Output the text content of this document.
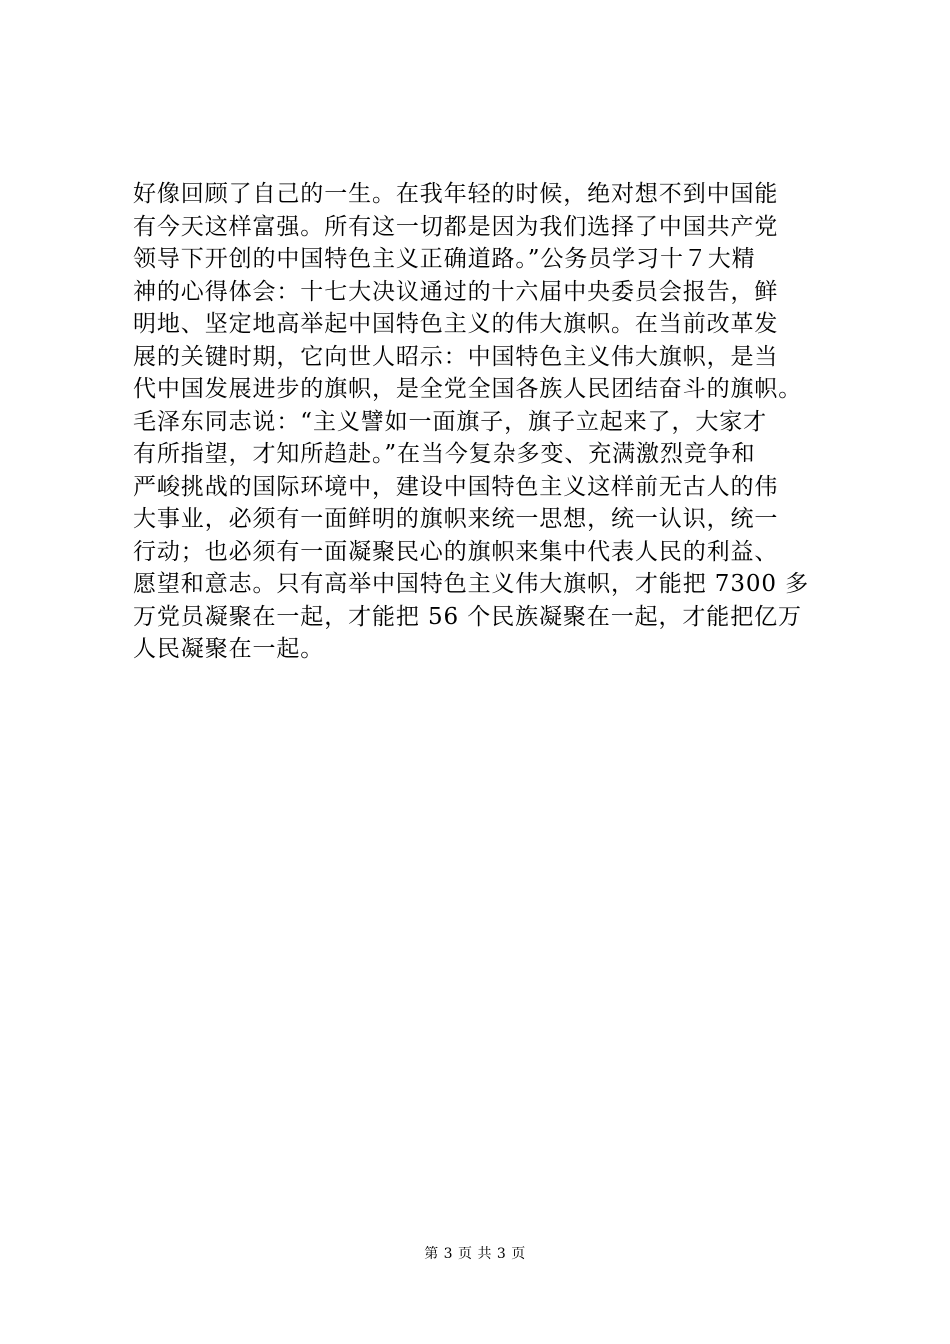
好像回顾了自己的一生。在我年轻的时候，绝对想不到中国能
有今天这样富强。所有这一切都是因为我们选择了中国共产党
领导下开创的中国特色主义正确道路。”公务员学习十７大精
神的心得体会：十七大决议通过的十六届中央委员会报告，鲜
明地、坚定地高举起中国特色主义的伟大旗帜。在当前改革发
展的关键时期，它向世人昭示：中国特色主义伟大旗帜，是当
代中国发展进步的旗帜，是全党全国各族人民团结奋斗的旗帜。
毛泽东同志说：“主义譬如一面旗子，旗子立起来了，大家才
有所指望，才知所趋赴。”在当今复杂多变、充满激烈竞争和
严峻挑战的国际环境中，建设中国特色主义这样前无古人的伟
大事业，必须有一面鲜明的旗帜来统一思想，统一认识，统一
行动；也必须有一面凝聚民心的旗帜来集中代表人民的利益、
愿望和意志。只有高举中国特色主义伟大旗帜，才能把 7300 多
万党员凝聚在一起，才能把 56 个民族凝聚在一起，才能把亿万
人民凝聚在一起。
第 3 页 共 3 页
